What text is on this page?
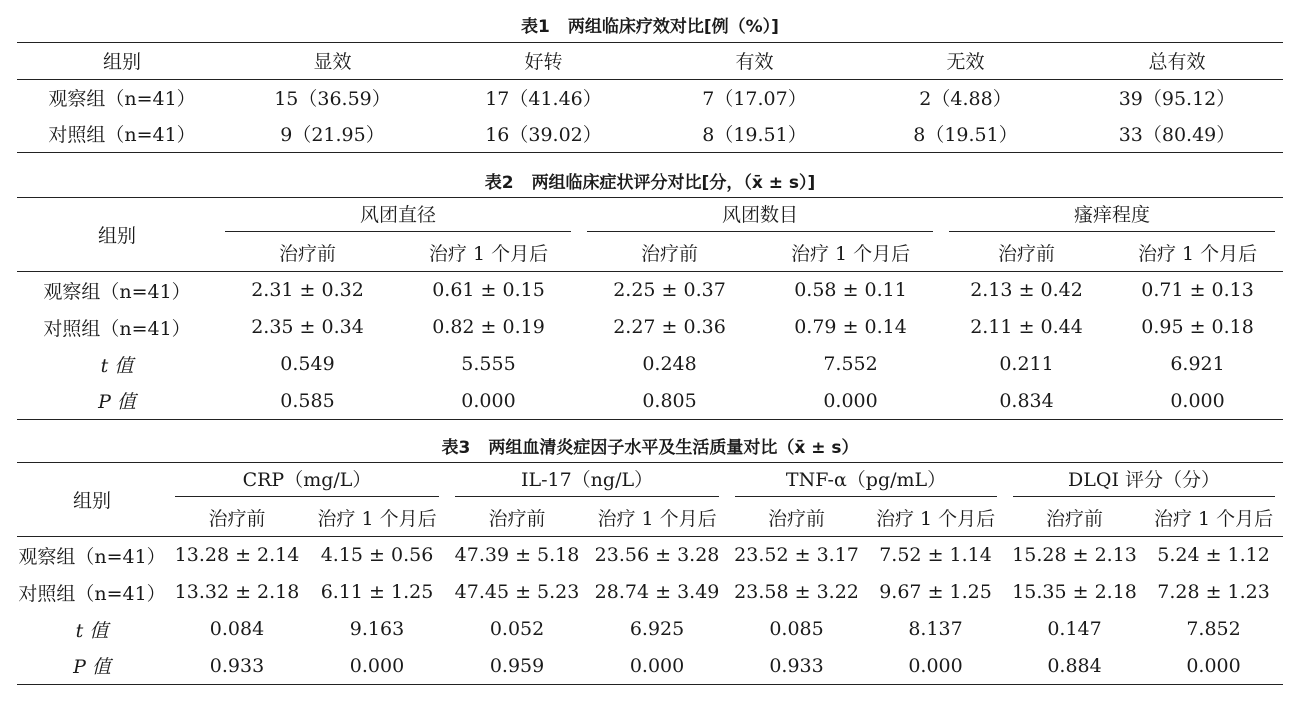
表1 两组临床疗效对比[例（%）]
组别	显效	好转	有效	无效	总有效
观察组（n=41）	15（36.59）	17（41.46）	7（17.07）	2（4.88）	39（95.12）
对照组（n=41）	9（21.95）	16（39.02）	8（19.51）	8（19.51）	33（80.49）
表2 两组临床症状评分对比[分，（x̄ ± s）]
组别	风团直径		风团数目		瘙痒程度	

	治疗前	治疗 1 个月后	治疗前	治疗 1 个月后	治疗前	治疗 1 个月后
观察组（n=41）	2.31 ± 0.32	0.61 ± 0.15	2.25 ± 0.37	0.58 ± 0.11	2.13 ± 0.42	0.71 ± 0.13
对照组（n=41）	2.35 ± 0.34	0.82 ± 0.19	2.27 ± 0.36	0.79 ± 0.14	2.11 ± 0.44	0.95 ± 0.18
t 值	0.549	5.555	0.248	7.552	0.211	6.921
P 值	0.585	0.000	0.805	0.000	0.834	0.000
表3 两组血清炎症因子水平及生活质量对比（x̄ ± s）
组别	CRP（mg/L）		IL-17（ng/L）		TNF-α（pg/mL）		DLQI 评分（分）	

	治疗前	治疗 1 个月后	治疗前	治疗 1 个月后	治疗前	治疗 1 个月后	治疗前	治疗 1 个月后
观察组（n=41）	13.28 ± 2.14	4.15 ± 0.56	47.39 ± 5.18	23.56 ± 3.28	23.52 ± 3.17	7.52 ± 1.14	15.28 ± 2.13	5.24 ± 1.12
对照组（n=41）	13.32 ± 2.18	6.11 ± 1.25	47.45 ± 5.23	28.74 ± 3.49	23.58 ± 3.22	9.67 ± 1.25	15.35 ± 2.18	7.28 ± 1.23
t 值	0.084	9.163	0.052	6.925	0.085	8.137	0.147	7.852
P 值	0.933	0.000	0.959	0.000	0.933	0.000	0.884	0.000
